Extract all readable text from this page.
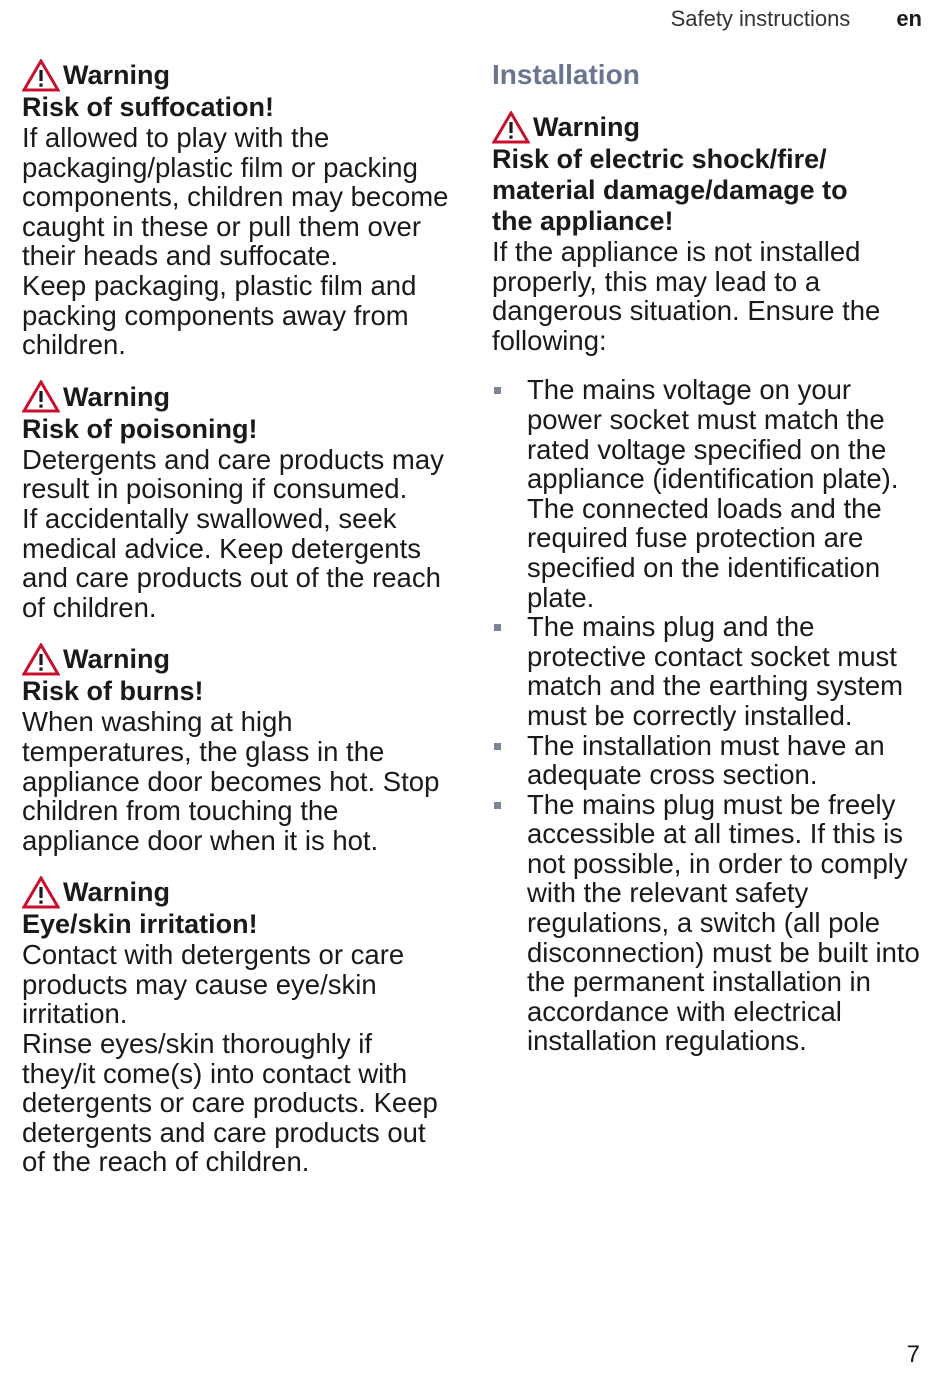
Safety instructions en
Warning
Risk of suffocation!

If allowed to play with the packaging/plastic film or packing components, children may become caught in these or pull them over their heads and suffocate.

Keep packaging, plastic film and packing components away from children.

Warning
Risk of poisoning!

Detergents and care products may result in poisoning if consumed.

If accidentally swallowed, seek medical advice. Keep detergents and care products out of the reach of children.

Warning
Risk of burns!

When washing at high temperatures, the glass in the appliance door becomes hot. Stop children from touching the appliance door when it is hot.

Warning
Eye/skin irritation!

Contact with detergents or care products may cause eye/skin irritation.

Rinse eyes/skin thoroughly if they/it come(s) into contact with detergents or care products. Keep detergents and care products out of the reach of children.

Installation
Warning
Risk of electric shock/fire/
material damage/damage to
the appliance!

If the appliance is not installed properly, this may lead to a dangerous situation. Ensure the following:

The mains voltage on your power socket must match the rated voltage specified on the appliance (identification plate). The connected loads and the required fuse protection are specified on the identification plate.
The mains plug and the protective contact socket must match and the earthing system must be correctly installed.
The installation must have an adequate cross section.
The mains plug must be freely accessible at all times. If this is not possible, in order to comply with the relevant safety regulations, a switch (all pole disconnection) must be built into the permanent installation in accordance with electrical installation regulations.
7
